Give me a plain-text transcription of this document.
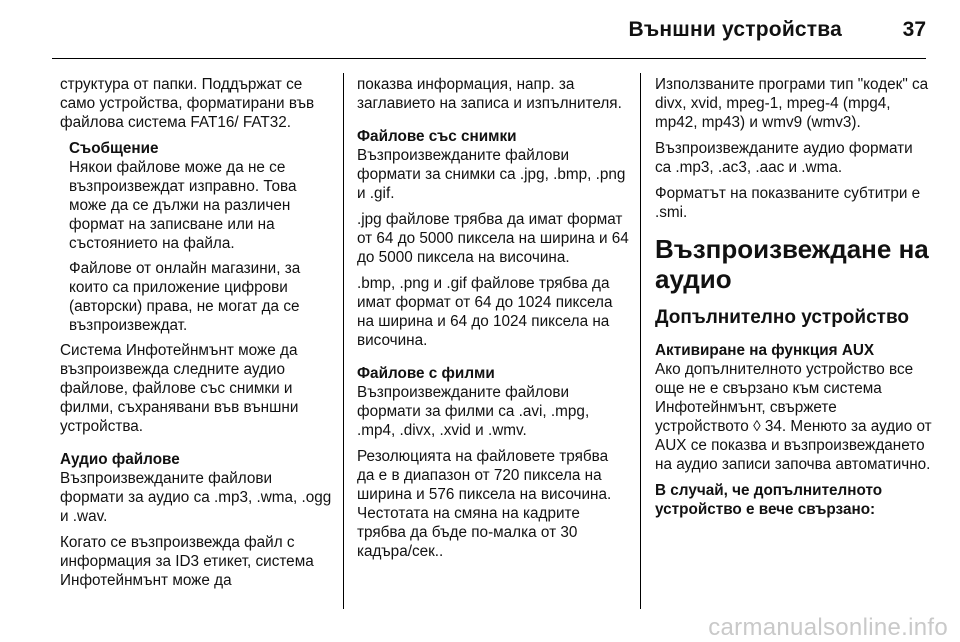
Външни устройства	37

структура от папки. Поддържат се само устройства, форматирани във файлова система FAT16/ FAT32.

Съобщение

Някои файлове може да не се възпроизвеждат изправно. Това може да се дължи на различен формат на записване или на състоянието на файла.

Файлове от онлайн магазини, за които са приложение цифрови (авторски) права, не могат да се възпроизвеждат.

Система Инфотейнмънт може да възпроизвежда следните аудио файлове, файлове със снимки и филми, съхранявани във външни устройства.

Аудио файлове

Възпроизвежданите файлови формати за аудио са .mp3, .wma, .ogg и .wav.

Когато се възпроизвежда файл с информация за ID3 етикет, система Инфотейнмънт може да

показва информация, напр. за заглавието на записа и изпълнителя.

Файлове със снимки

Възпроизвежданите файлови формати за снимки са .jpg, .bmp, .png и .gif.

.jpg файлове трябва да имат формат от 64 до 5000 пиксела на ширина и 64 до 5000 пиксела на височина.

.bmp, .png и .gif файлове трябва да имат формат от 64 до 1024 пиксела на ширина и 64 до 1024 пиксела на височина.

Файлове с филми

Възпроизвежданите файлови формати за филми са .avi, .mpg, .mp4, .divx, .xvid и .wmv.

Резолюцията на файловете трябва да е в диапазон от 720 пиксела на ширина и 576 пиксела на височина. Честотата на смяна на кадрите трябва да бъде по-малка от 30 кадъра/сек..

Използваните програми тип "кодек" са divx, xvid, mpeg-1, mpeg-4 (mpg4, mp42, mp43) и wmv9 (wmv3).

Възпроизвежданите аудио формати са .mp3, .ac3, .aac и .wma.

Форматът на показваните субтитри е .smi.

Възпроизвеждане на аудио

Допълнително устройство

Активиране на функция AUX

Ако допълнителното устройство все още не е свързано към система Инфотейнмънт, свържете устройството ◊ 34. Менюто за аудио от AUX се показва и възпроизвеждането на аудио записи започва автоматично.

В случай, че допълнителното устройство е вече свързано:

carmanualsonline.info
